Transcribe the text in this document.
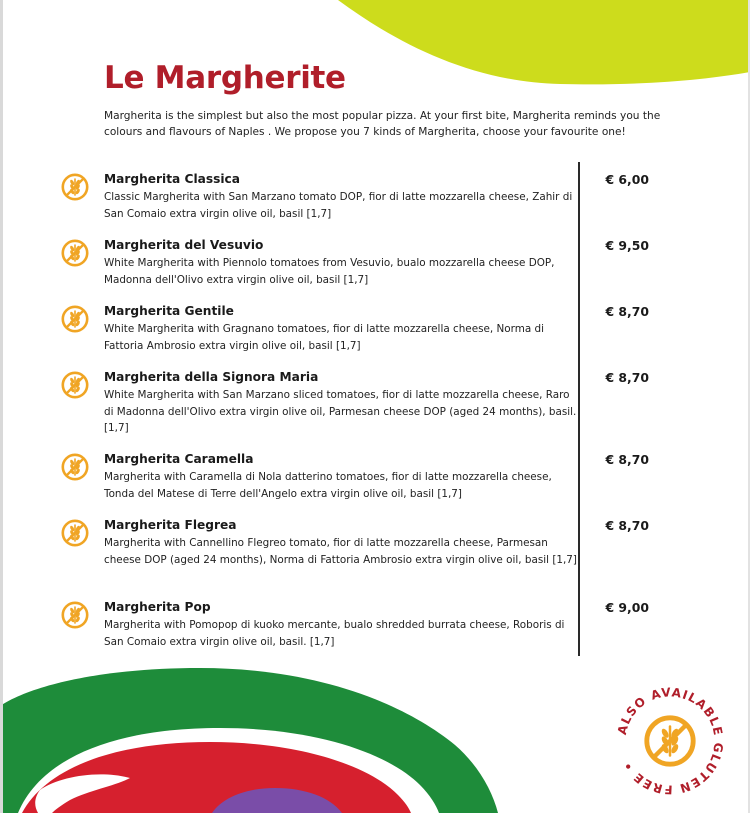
Le Margherite

Margherita is the simplest but also the most popular pizza. At your first bite, Margherita reminds you the colours and flavours of Naples . We propose you 7 kinds of Margherita, choose your favourite one!

Margherita Classica

Classic Margherita with San Marzano tomato DOP, fior di latte mozzarella cheese, Zahir di San Comaio extra virgin olive oil, basil [1,7]

€ 6,00

Margherita del Vesuvio

White Margherita with Piennolo tomatoes from Vesuvio, bualo mozzarella cheese DOP, Madonna dell'Olivo extra virgin olive oil, basil [1,7]

€ 9,50

Margherita Gentile

White Margherita with Gragnano tomatoes, fior di latte mozzarella cheese, Norma di Fattoria Ambrosio extra virgin olive oil, basil [1,7]

€ 8,70

Margherita della Signora Maria

White Margherita with San Marzano sliced tomatoes, fior di latte mozzarella cheese, Raro di Madonna dell'Olivo extra virgin olive oil, Parmesan cheese DOP (aged 24 months), basil. [1,7]

€ 8,70

Margherita Caramella

Margherita with Caramella di Nola datterino tomatoes, fior di latte mozzarella cheese, Tonda del Matese di Terre dell'Angelo extra virgin olive oil, basil [1,7]

€ 8,70

Margherita Flegrea

Margherita with Cannellino Flegreo tomato, fior di latte mozzarella cheese, Parmesan cheese DOP (aged 24 months), Norma di Fattoria Ambrosio extra virgin olive oil, basil [1,7]

€ 8,70

Margherita Pop

Margherita with Pomopop di kuoko mercante, bualo shredded burrata cheese, Roboris di San Comaio extra virgin olive oil, basil. [1,7]

€ 9,00

ALSO AVAILABLE GLUTEN FREE •
